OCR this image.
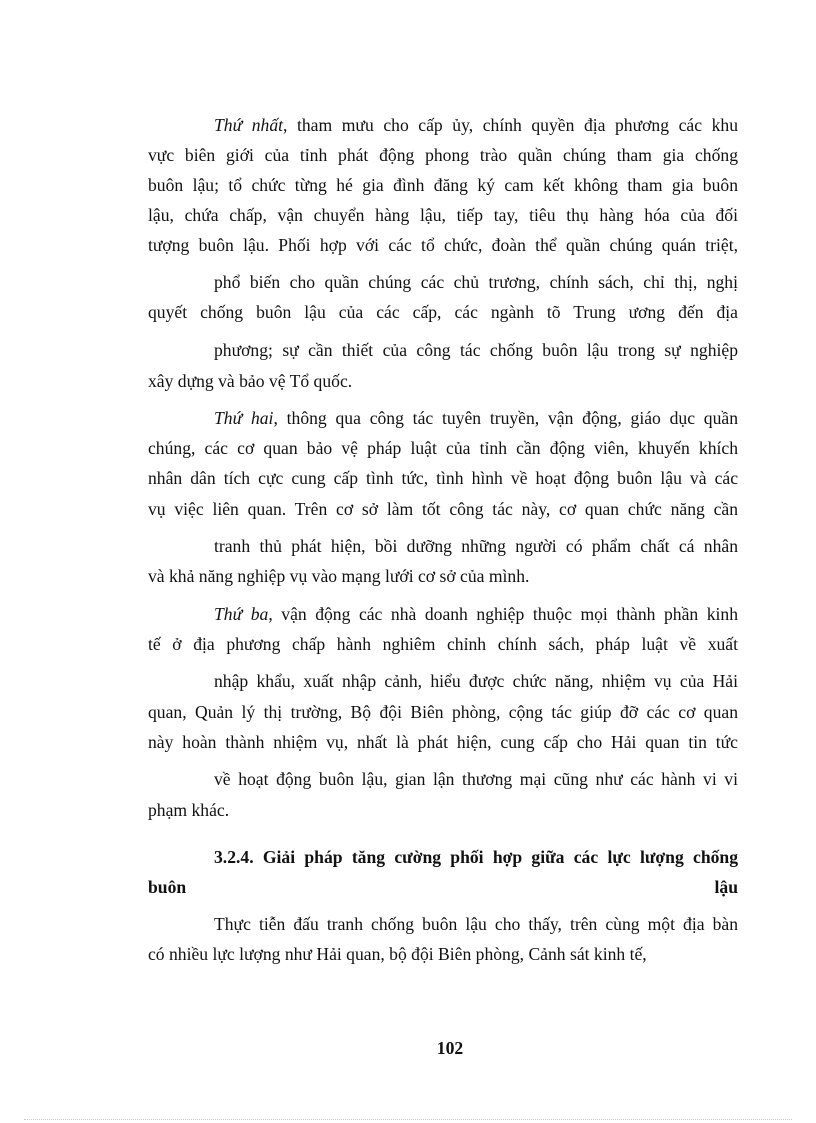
Thứ nhất, tham mưu cho cấp ủy, chính quyền địa phương các khu
vực biên giới của tỉnh phát động phong trào quần chúng tham gia chống
buôn lậu; tổ chức từng hé gia đình đăng ký cam kết không tham gia buôn
lậu, chứa chấp, vận chuyển hàng lậu, tiếp tay, tiêu thụ hàng hóa của đối
tượng buôn lậu. Phối hợp với các tổ chức, đoàn thể quần chúng quán triệt,
phổ biến cho quần chúng các chủ trương, chính sách, chỉ thị, nghị
quyết chống buôn lậu của các cấp, các ngành tõ Trung ương đến địa
phương; sự cần thiết của công tác chống buôn lậu trong sự nghiệp
xây dựng và bảo vệ Tổ quốc.
Thứ hai, thông qua công tác tuyên truyền, vận động, giáo dục quần
chúng, các cơ quan bảo vệ pháp luật của tỉnh cần động viên, khuyến khích
nhân dân tích cực cung cấp tình tức, tình hình về hoạt động buôn lậu và các
vụ việc liên quan. Trên cơ sở làm tốt công tác này, cơ quan chức năng cần
tranh thủ phát hiện, bồi dưỡng những người có phẩm chất cá nhân
và khả năng nghiệp vụ vào mạng lưới cơ sở của mình.
Thứ ba, vận động các nhà doanh nghiệp thuộc mọi thành phần kinh
tế ở địa phương chấp hành nghiêm chỉnh chính sách, pháp luật về xuất
nhập khẩu, xuất nhập cảnh, hiểu được chức năng, nhiệm vụ của Hải
quan, Quản lý thị trường, Bộ đội Biên phòng, cộng tác giúp đỡ các cơ quan
này hoàn thành nhiệm vụ, nhất là phát hiện, cung cấp cho Hải quan tin tức
về hoạt động buôn lậu, gian lận thương mại cũng như các hành vi vi
phạm khác.
3.2.4. Giải pháp tăng cường phối hợp giữa các lực lượng chống
buôn lậu
Thực tiễn đấu tranh chống buôn lậu cho thấy, trên cùng một địa bàn
có nhiều lực lượng như Hải quan, bộ đội Biên phòng, Cảnh sát kinh tế,
102
